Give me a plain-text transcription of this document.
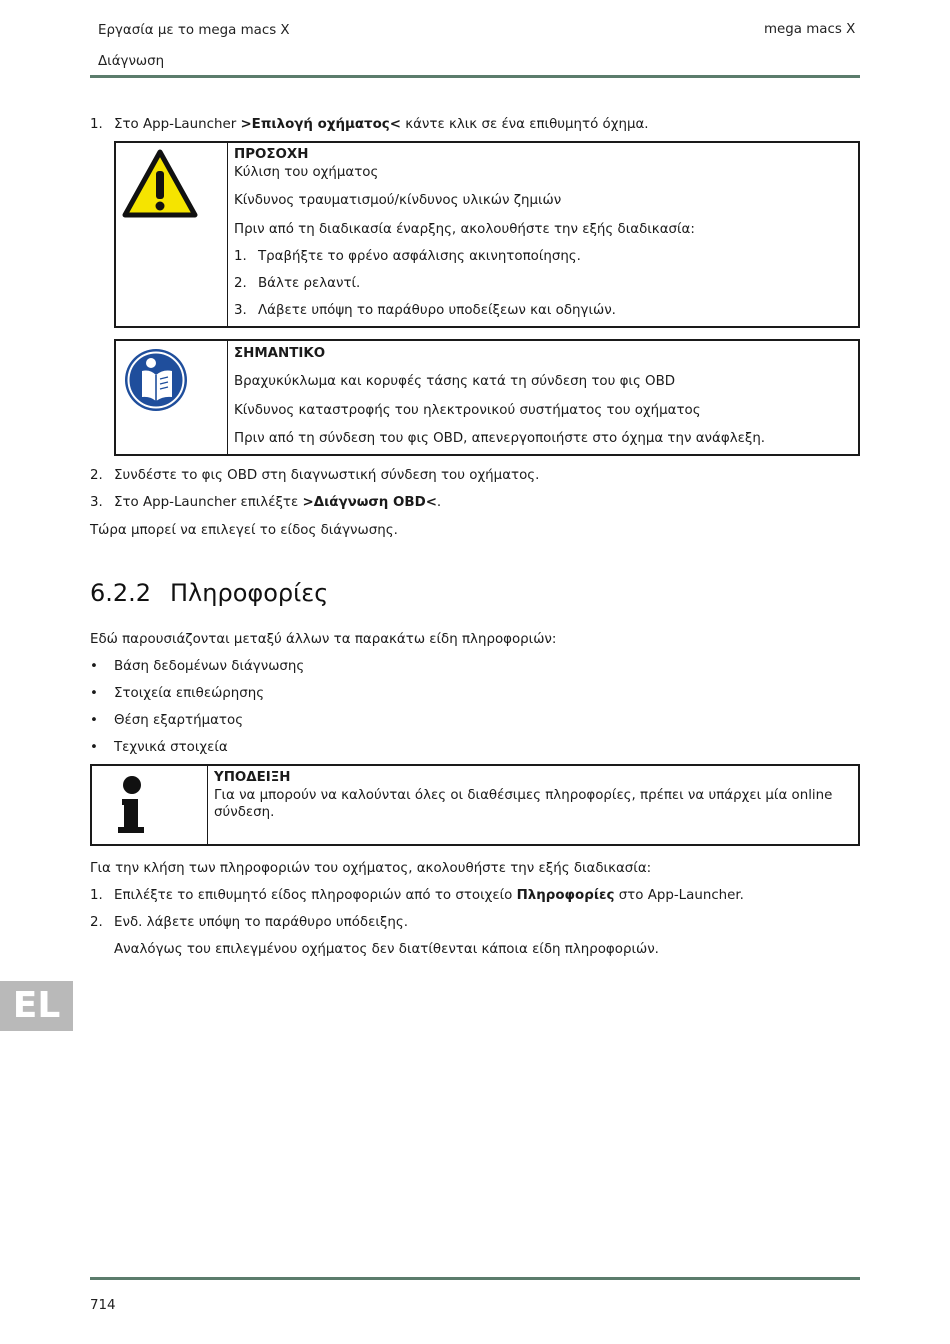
Εργασία με το mega macs X	mega macs X
Διάγνωση
1. Στο App-Launcher >Επιλογή οχήματος< κάντε κλικ σε ένα επιθυμητό όχημα.
ΠΡΟΣΟΧΗ
Κύλιση του οχήματος
Κίνδυνος τραυματισμού/κίνδυνος υλικών ζημιών
Πριν από τη διαδικασία έναρξης, ακολουθήστε την εξής διαδικασία:
1. Τραβήξτε το φρένο ασφάλισης ακινητοποίησης.
2. Βάλτε ρελαντί.
3. Λάβετε υπόψη το παράθυρο υποδείξεων και οδηγιών.
ΣΗΜΑΝΤΙΚΟ
Βραχυκύκλωμα και κορυφές τάσης κατά τη σύνδεση του φις OBD
Κίνδυνος καταστροφής του ηλεκτρονικού συστήματος του οχήματος
Πριν από τη σύνδεση του φις OBD, απενεργοποιήστε στο όχημα την ανάφλεξη.
2. Συνδέστε το φις OBD στη διαγνωστική σύνδεση του οχήματος.
3. Στο App-Launcher επιλέξτε >Διάγνωση OBD<.
Τώρα μπορεί να επιλεγεί το είδος διάγνωσης.
6.2.2 Πληροφορίες
Εδώ παρουσιάζονται μεταξύ άλλων τα παρακάτω είδη πληροφοριών:
• Βάση δεδομένων διάγνωσης
• Στοιχεία επιθεώρησης
• Θέση εξαρτήματος
• Τεχνικά στοιχεία
ΥΠΟΔΕΙΞΗ
Για να μπορούν να καλούνται όλες οι διαθέσιμες πληροφορίες, πρέπει να υπάρχει μία online
σύνδεση.
Για την κλήση των πληροφοριών του οχήματος, ακολουθήστε την εξής διαδικασία:
1. Επιλέξτε το επιθυμητό είδος πληροφοριών από το στοιχείο Πληροφορίες στο App-Launcher.
2. Ενδ. λάβετε υπόψη το παράθυρο υπόδειξης.
Αναλόγως του επιλεγμένου οχήματος δεν διατίθενται κάποια είδη πληροφοριών.
EL
714
